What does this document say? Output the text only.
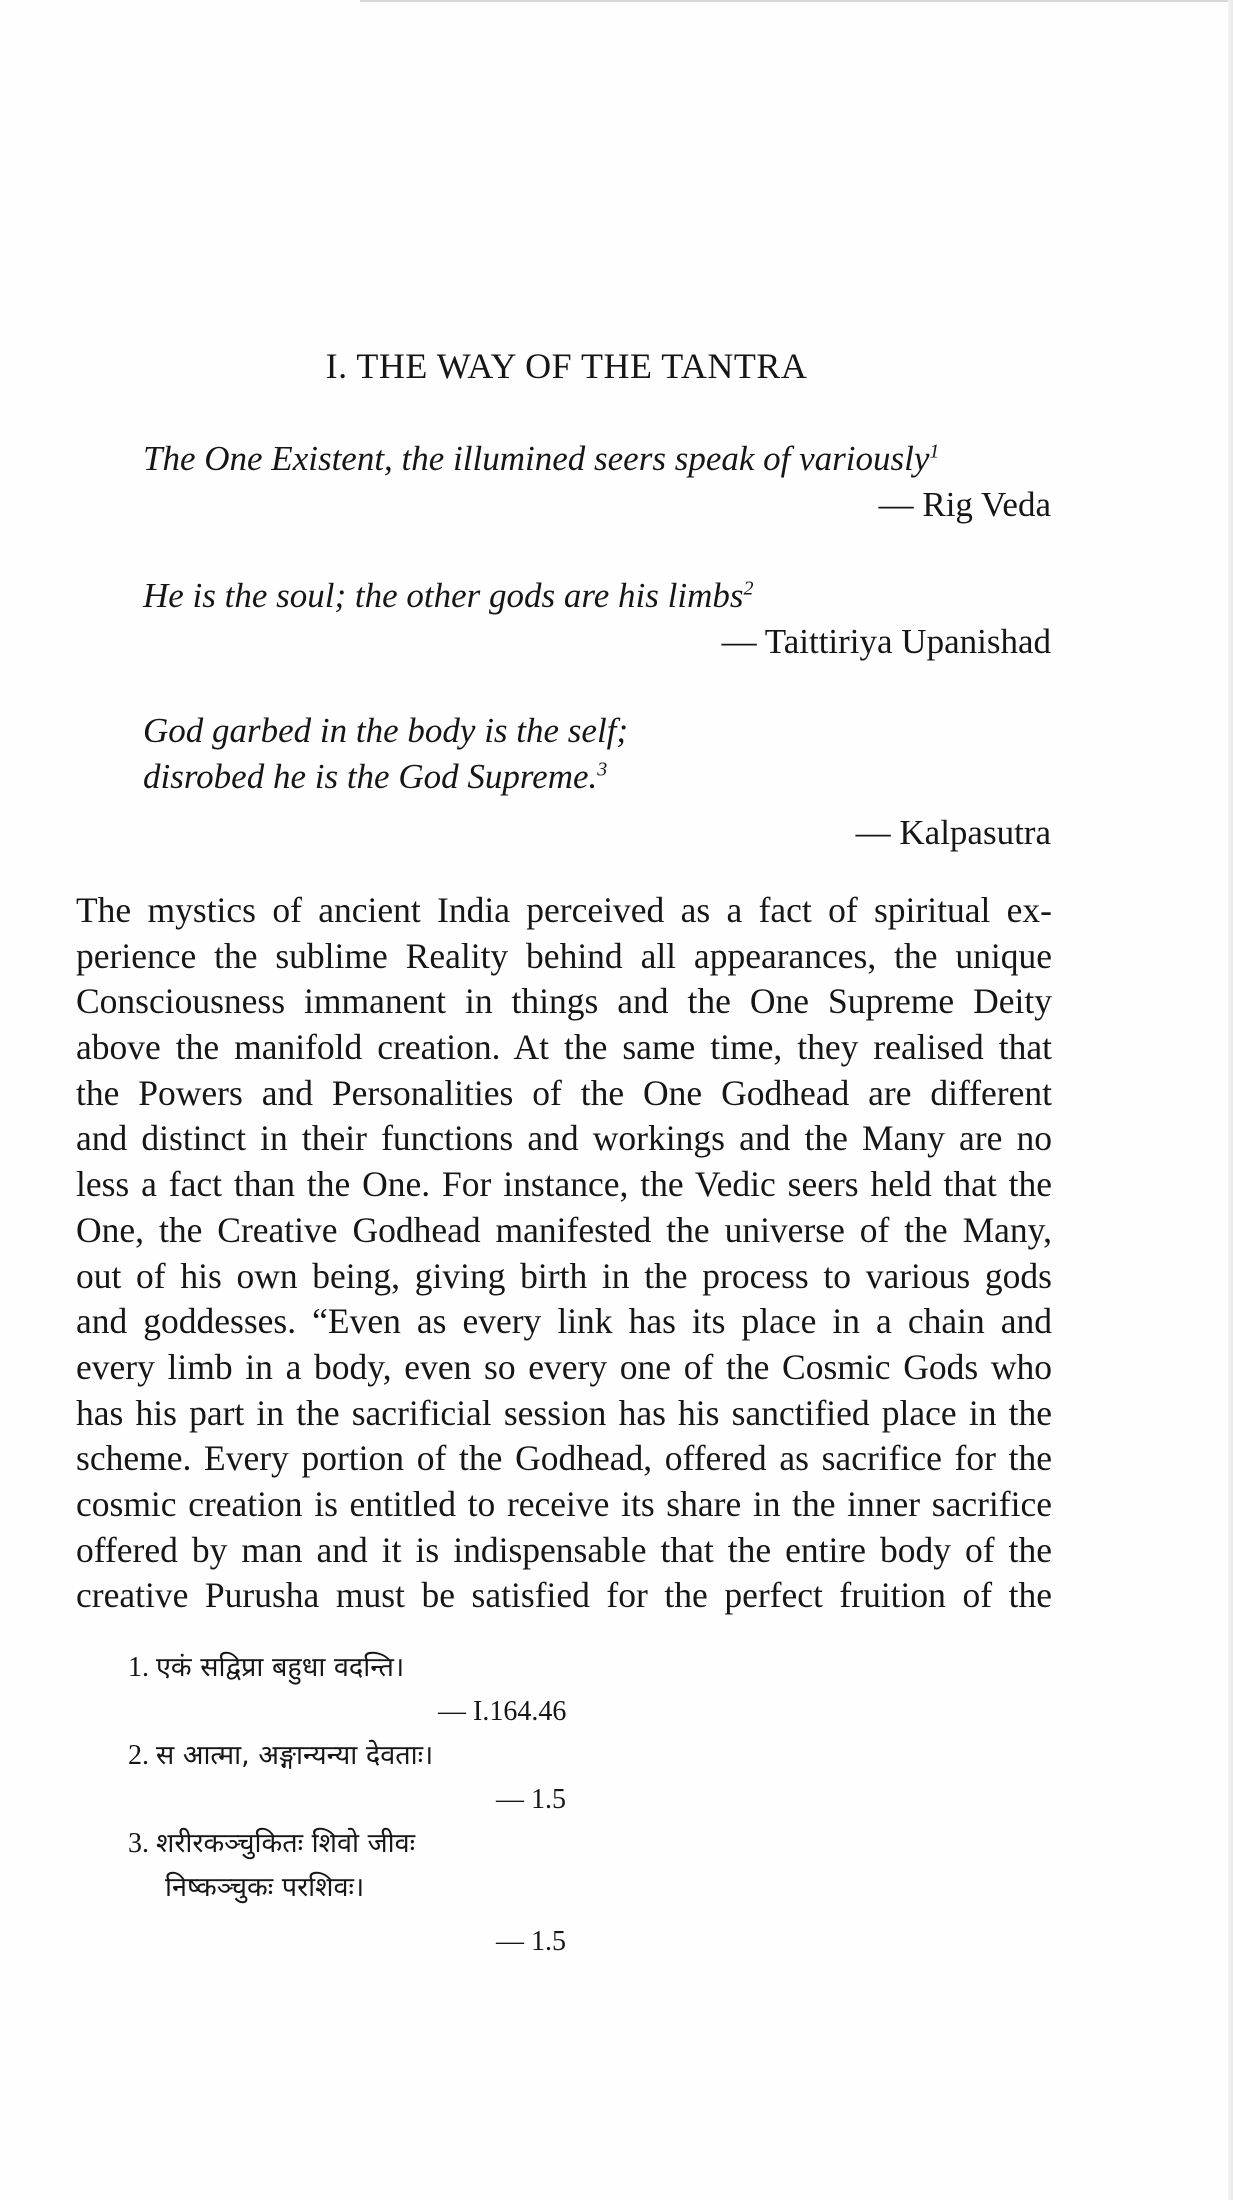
I. THE WAY OF THE TANTRA
The One Existent, the illumined seers speak of variously$^1$
— Rig Veda
He is the soul; the other gods are his limbs$^2$
— Taittiriya Upanishad
God garbed in the body is the self;
disrobed he is the God Supreme.$^3$
— Kalpasutra
The mystics of ancient India perceived as a fact of spiritual ex-
perience the sublime Reality behind all appearances, the unique
Consciousness immanent in things and the One Supreme Deity
above the manifold creation. At the same time, they realised that
the Powers and Personalities of the One Godhead are different
and distinct in their functions and workings and the Many are no
less a fact than the One. For instance, the Vedic seers held that the
One, the Creative Godhead manifested the universe of the Many,
out of his own being, giving birth in the process to various gods
and goddesses. “Even as every link has its place in a chain and
every limb in a body, even so every one of the Cosmic Gods who
has his part in the sacrificial session has his sanctified place in the
scheme. Every portion of the Godhead, offered as sacrifice for the
cosmic creation is entitled to receive its share in the inner sacrifice
offered by man and it is indispensable that the entire body of the
creative Purusha must be satisfied for the perfect fruition of the
1. एकं सद्विप्रा बहुधा वदन्ति।
— I.164.46
2. स आत्मा, अङ्गान्यन्या देवताः।
— 1.5
3. शरीरकञ्चुकितः शिवो जीवः
निष्कञ्चुकः परशिवः।
— 1.5
